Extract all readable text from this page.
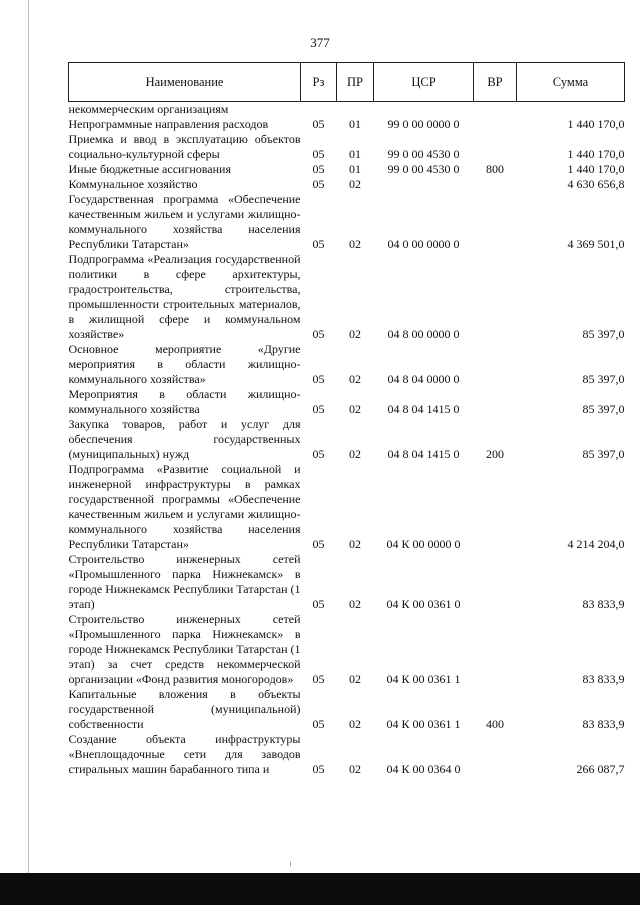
377
Наименование	Рз	ПР	ЦСР	ВР	Сумма
некоммерческим организациям					
Непрограммные направления расходов	05	01	99 0 00 0000 0		1 440 170,0
Приемка и ввод в эксплуатацию объектов социально-культурной сферы	05	01	99 0 00 4530 0		1 440 170,0
Иные бюджетные ассигнования	05	01	99 0 00 4530 0	800	1 440 170,0
Коммунальное хозяйство	05	02			4 630 656,8
Государственная программа «Обеспечение качественным жильем и услугами жилищно-коммунального хозяйства населения Республики Татарстан»	05	02	04 0 00 0000 0		4 369 501,0
Подпрограмма «Реализация государственной политики в сфере архитектуры, градостроительства, строительства, промышленности строительных материалов, в жилищной сфере и коммунальном хозяйстве»	05	02	04 8 00 0000 0		85 397,0
Основное мероприятие «Другие мероприятия в области жилищно-коммунального хозяйства»	05	02	04 8 04 0000 0		85 397,0
Мероприятия в области жилищно-коммунального хозяйства	05	02	04 8 04 1415 0		85 397,0
Закупка товаров, работ и услуг для обеспечения государственных (муниципальных) нужд	05	02	04 8 04 1415 0	200	85 397,0
Подпрограмма «Развитие социальной и инженерной инфраструктуры в рамках государственной программы «Обеспечение качественным жильем и услугами жилищно-коммунального хозяйства населения Республики Татарстан»	05	02	04 К 00 0000 0		4 214 204,0
Строительство инженерных сетей «Промышленного парка Нижнекамск» в городе Нижнекамск Республики Татарстан (1 этап)	05	02	04 К 00 0361 0		83 833,9
Строительство инженерных сетей «Промышленного парка Нижнекамск» в городе Нижнекамск Республики Татарстан (1 этап) за счет средств некоммерческой организации «Фонд развития моногородов»	05	02	04 К 00 0361 1		83 833,9
Капитальные вложения в объекты государственной (муниципальной) собственности	05	02	04 К 00 0361 1	400	83 833,9
Создание объекта инфраструктуры «Внеплощадочные сети для заводов стиральных машин барабанного типа и	05	02	04 К 00 0364 0		266 087,7
